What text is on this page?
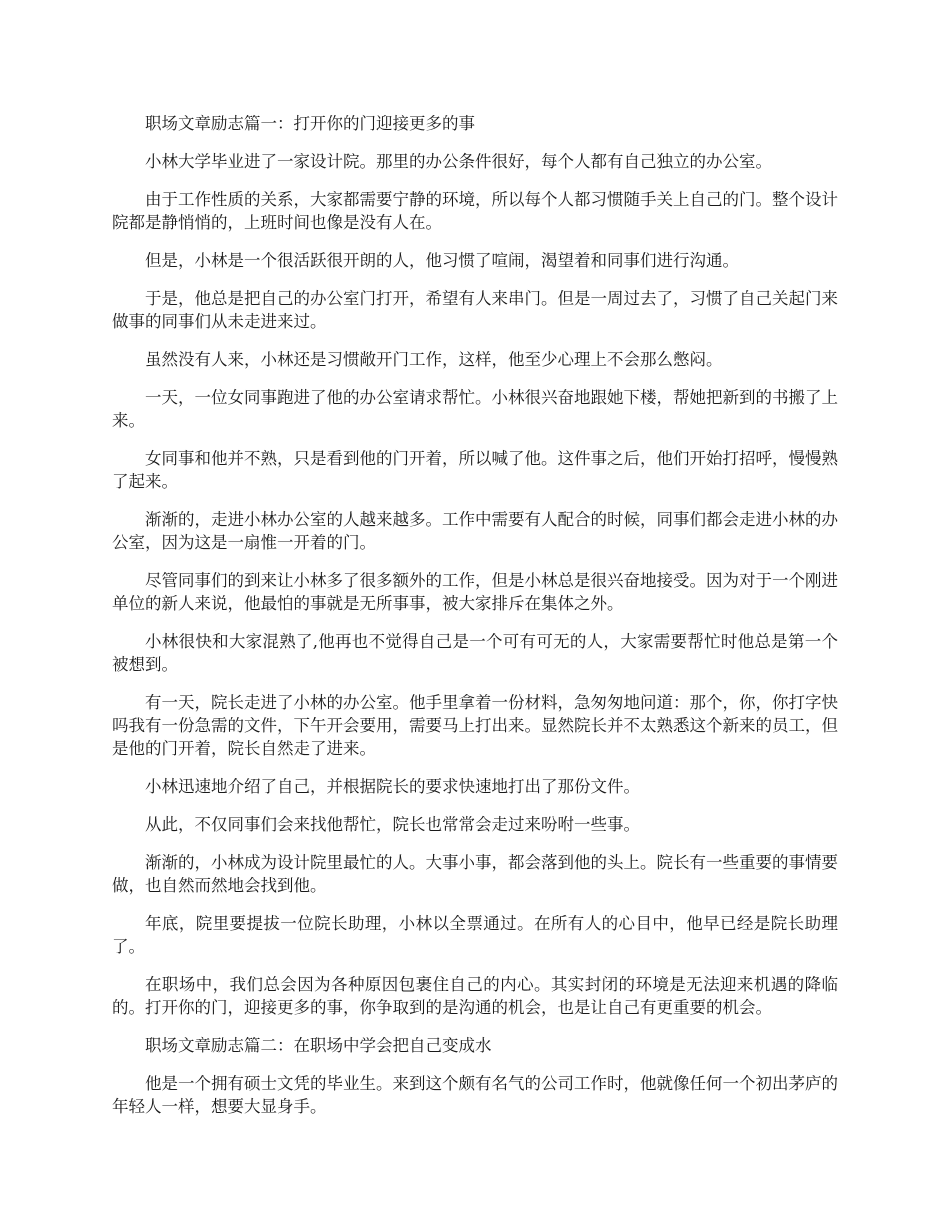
职场文章励志篇一：打开你的门迎接更多的事

小林大学毕业进了一家设计院。那里的办公条件很好，每个人都有自己独立的办公室。

由于工作性质的关系，大家都需要宁静的环境，所以每个人都习惯随手关上自己的门。整个设计院都是静悄悄的，上班时间也像是没有人在。

但是，小林是一个很活跃很开朗的人，他习惯了喧闹，渴望着和同事们进行沟通。

于是，他总是把自己的办公室门打开，希望有人来串门。但是一周过去了，习惯了自己关起门来做事的同事们从未走进来过。

虽然没有人来，小林还是习惯敞开门工作，这样，他至少心理上不会那么憋闷。

一天，一位女同事跑进了他的办公室请求帮忙。小林很兴奋地跟她下楼，帮她把新到的书搬了上来。

女同事和他并不熟，只是看到他的门开着，所以喊了他。这件事之后，他们开始打招呼，慢慢熟了起来。

渐渐的，走进小林办公室的人越来越多。工作中需要有人配合的时候，同事们都会走进小林的办公室，因为这是一扇惟一开着的门。

尽管同事们的到来让小林多了很多额外的工作，但是小林总是很兴奋地接受。因为对于一个刚进单位的新人来说，他最怕的事就是无所事事，被大家排斥在集体之外。

小林很快和大家混熟了,他再也不觉得自己是一个可有可无的人，大家需要帮忙时他总是第一个被想到。

有一天，院长走进了小林的办公室。他手里拿着一份材料，急匆匆地问道：那个，你，你打字快吗我有一份急需的文件，下午开会要用，需要马上打出来。显然院长并不太熟悉这个新来的员工，但是他的门开着，院长自然走了进来。

小林迅速地介绍了自己，并根据院长的要求快速地打出了那份文件。

从此，不仅同事们会来找他帮忙，院长也常常会走过来吩咐一些事。

渐渐的，小林成为设计院里最忙的人。大事小事，都会落到他的头上。院长有一些重要的事情要做，也自然而然地会找到他。

年底，院里要提拔一位院长助理，小林以全票通过。在所有人的心目中，他早已经是院长助理了。

在职场中，我们总会因为各种原因包裹住自己的内心。其实封闭的环境是无法迎来机遇的降临的。打开你的门，迎接更多的事，你争取到的是沟通的机会，也是让自己有更重要的机会。

职场文章励志篇二：在职场中学会把自己变成水

他是一个拥有硕士文凭的毕业生。来到这个颇有名气的公司工作时，他就像任何一个初出茅庐的年轻人一样，想要大显身手。
